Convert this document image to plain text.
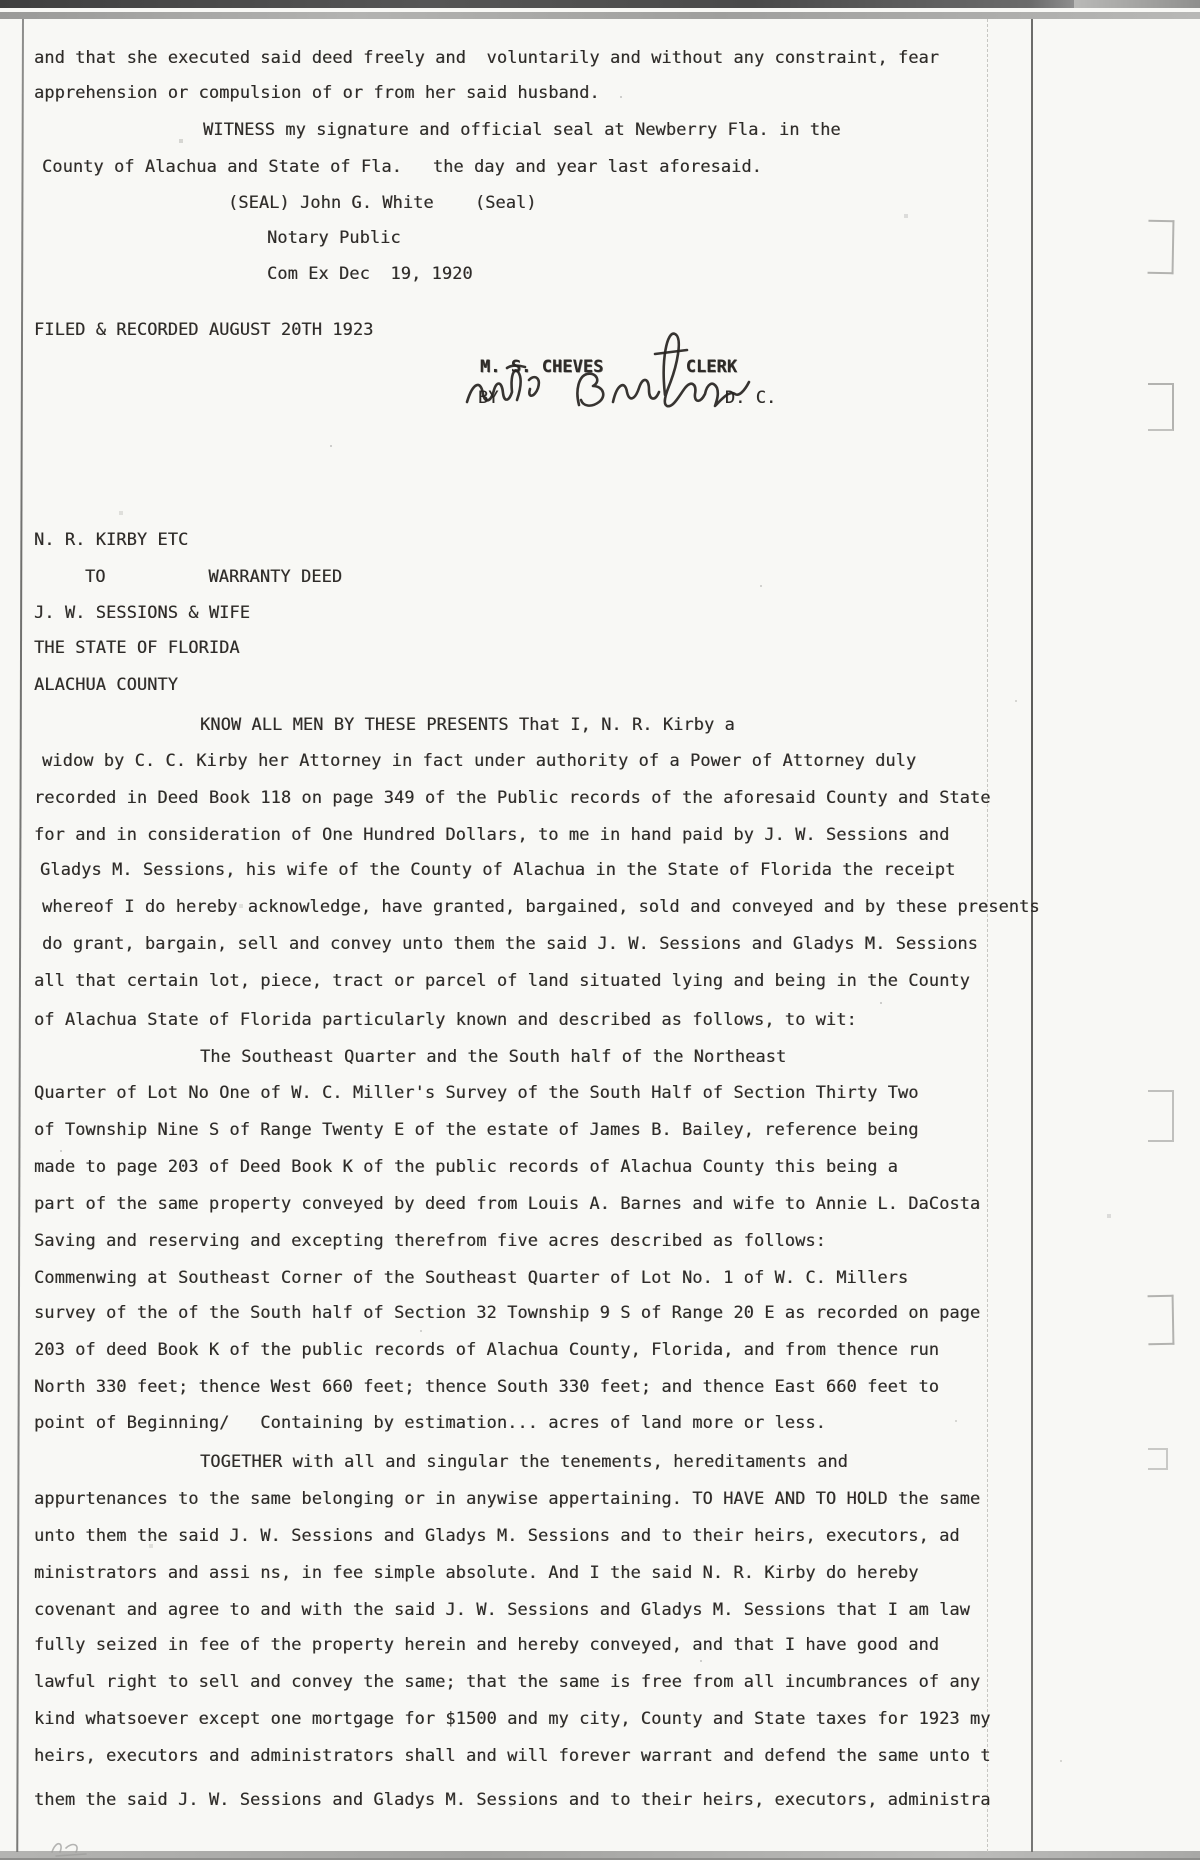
and that she executed said deed freely and  voluntarily and without any constraint, fear
apprehension or compulsion of or from her said husband.
WITNESS my signature and official seal at Newberry Fla. in the
County of Alachua and State of Fla.   the day and year last aforesaid.
(SEAL) John G. White    (Seal)
Notary Public
Com Ex Dec  19, 1920
FILED & RECORDED AUGUST 20TH 1923
M. S. CHEVES        CLERK
BY                      D. C.
N. R. KIRBY ETC
TO          WARRANTY DEED
J. W. SESSIONS & WIFE
THE STATE OF FLORIDA
ALACHUA COUNTY
KNOW ALL MEN BY THESE PRESENTS That I, N. R. Kirby a
widow by C. C. Kirby her Attorney in fact under authority of a Power of Attorney duly
recorded in Deed Book 118 on page 349 of the Public records of the aforesaid County and State
for and in consideration of One Hundred Dollars, to me in hand paid by J. W. Sessions and
Gladys M. Sessions, his wife of the County of Alachua in the State of Florida the receipt
whereof I do hereby acknowledge, have granted, bargained, sold and conveyed and by these presents
do grant, bargain, sell and convey unto them the said J. W. Sessions and Gladys M. Sessions
all that certain lot, piece, tract or parcel of land situated lying and being in the County
of Alachua State of Florida particularly known and described as follows, to wit:
The Southeast Quarter and the South half of the Northeast
Quarter of Lot No One of W. C. Miller's Survey of the South Half of Section Thirty Two
of Township Nine S of Range Twenty E of the estate of James B. Bailey, reference being
made to page 203 of Deed Book K of the public records of Alachua County this being a
part of the same property conveyed by deed from Louis A. Barnes and wife to Annie L. DaCosta
Saving and reserving and excepting therefrom five acres described as follows:
Commenwing at Southeast Corner of the Southeast Quarter of Lot No. 1 of W. C. Millers
survey of the of the South half of Section 32 Township 9 S of Range 20 E as recorded on page
203 of deed Book K of the public records of Alachua County, Florida, and from thence run
North 330 feet; thence West 660 feet; thence South 330 feet; and thence East 660 feet to
point of Beginning/   Containing by estimation... acres of land more or less.
TOGETHER with all and singular the tenements, hereditaments and
appurtenances to the same belonging or in anywise appertaining. TO HAVE AND TO HOLD the same
unto them the said J. W. Sessions and Gladys M. Sessions and to their heirs, executors, ad
ministrators and assi ns, in fee simple absolute. And I the said N. R. Kirby do hereby
covenant and agree to and with the said J. W. Sessions and Gladys M. Sessions that I am law
fully seized in fee of the property herein and hereby conveyed, and that I have good and
lawful right to sell and convey the same; that the same is free from all incumbrances of any
kind whatsoever except one mortgage for $1500 and my city, County and State taxes for 1923 my
heirs, executors and administrators shall and will forever warrant and defend the same unto t
them the said J. W. Sessions and Gladys M. Sessions and to their heirs, executors, administra
